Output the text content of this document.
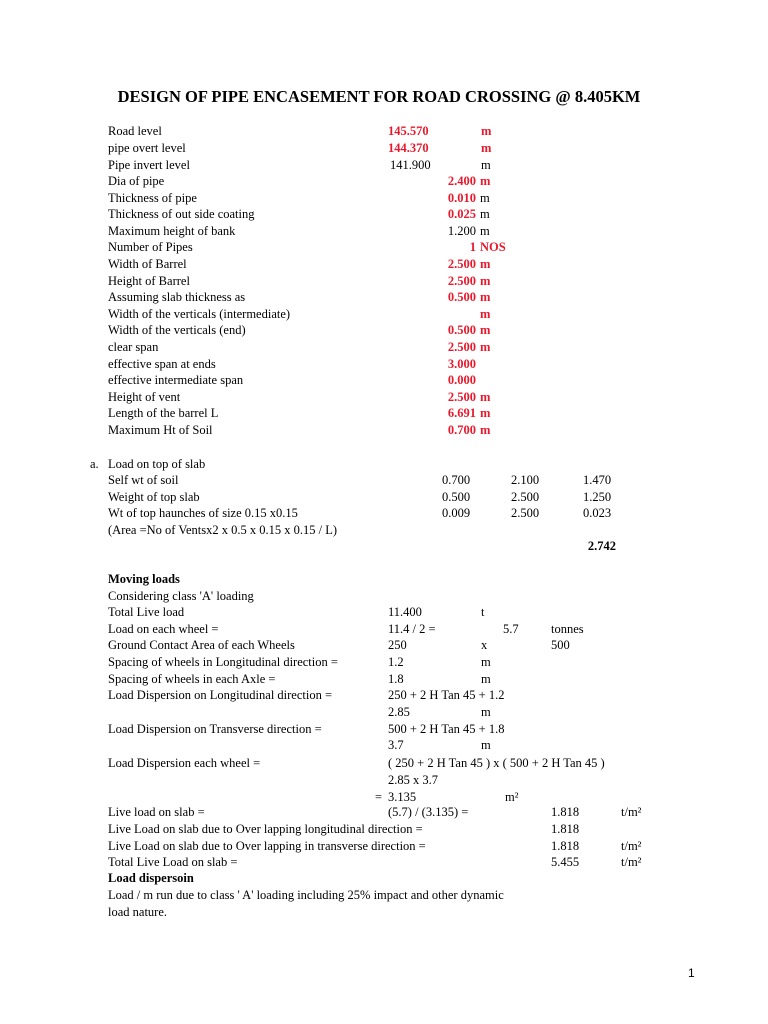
DESIGN OF PIPE ENCASEMENT FOR ROAD CROSSING @ 8.405KM
Road level	145.570	m
pipe overt level	144.370	m
Pipe invert level	141.900	m
Dia of pipe	2.400 m
Thickness of pipe	0.010 m
Thickness of out side coating	0.025 m
Maximum height of bank	1.200 m
Number of Pipes	1 NOS
Width of Barrel	2.500 m
Height of Barrel	2.500 m
Assuming slab thickness as	0.500 m
Width of the verticals (intermediate)	m
Width of the verticals (end)	0.500 m
clear span	2.500 m
effective span at ends	3.000
effective intermediate span	0.000
Height of vent	2.500 m
Length of the barrel L	6.691 m
Maximum Ht of Soil	0.700 m
a. Load on top of slab
Self wt of soil	0.700	2.100	1.470
Weight of top slab	0.500	2.500	1.250
Wt of top haunches of size 0.15 x0.15	0.009	2.500	0.023
(Area =No of Ventsx2 x 0.5 x 0.15 x 0.15 / L)
2.742
Moving loads
Considering class 'A' loading
Total Live load	11.400	t
Load on each wheel =	11.4 / 2 =	5.7	tonnes
Ground Contact Area of each Wheels	250	x	500
Spacing of wheels in Longitudinal direction =	1.2	m
Spacing of wheels in each Axle =	1.8	m
Load Dispersion on Longitudinal direction =	250 + 2 H Tan 45 + 1.2
2.85	m
Load Dispersion on Transverse direction =	500 + 2 H Tan 45 + 1.8
3.7	m
Load Dispersion each wheel =	( 250 + 2 H Tan 45 ) x ( 500 + 2 H Tan 45 )
2.85 x 3.7
= 3.135	m²
Live load on slab =	(5.7) / (3.135) =	1.818	t/m²
Live Load on slab due to Over lapping longitudinal direction =	1.818
Live Load on slab due to Over lapping in transverse direction =	1.818	t/m²
Total Live Load on slab =	5.455	t/m²
Load dispersoin
Load / m run due to class ' A' loading including 25% impact and other dynamic
load nature.
1
